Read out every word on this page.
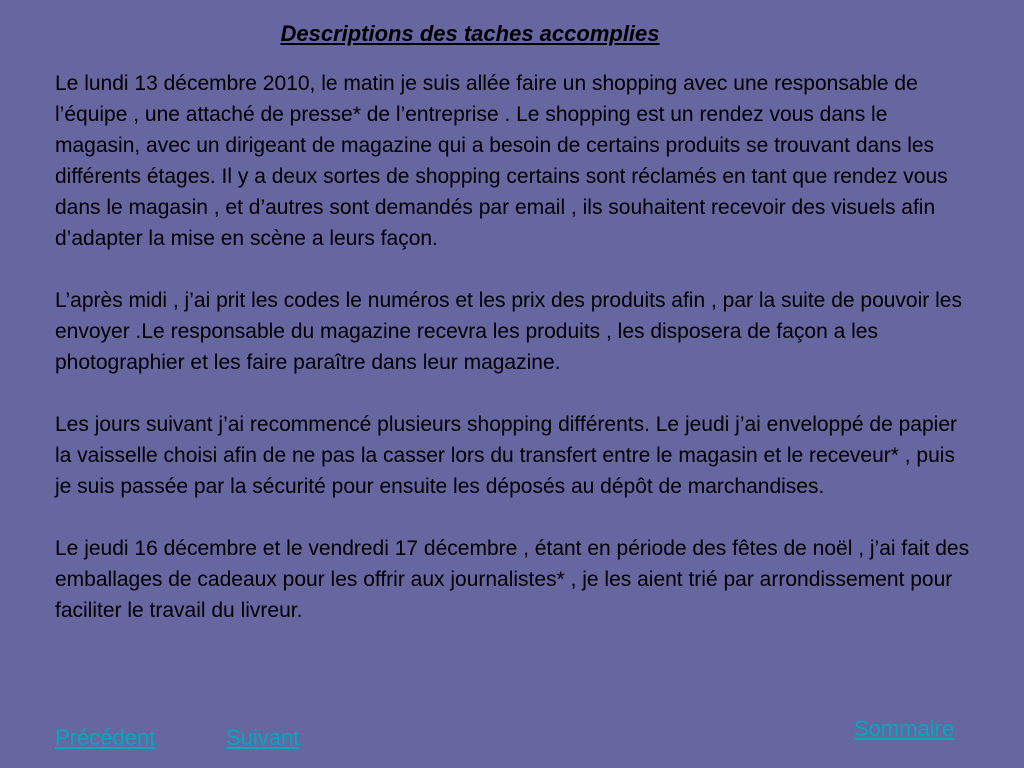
Descriptions des taches accomplies

Le lundi 13 décembre 2010, le matin je suis allée faire un shopping avec une responsable de l’équipe , une attaché de presse* de l’entreprise . Le shopping est un rendez vous dans le magasin, avec un dirigeant de magazine qui a besoin de certains produits se trouvant dans les différents étages. Il y a deux sortes de shopping certains sont réclamés en tant que rendez vous dans le magasin , et d’autres sont demandés par email , ils souhaitent recevoir des visuels afin d’adapter la mise en scène a leurs façon.

L’après midi , j’ai prit les codes le numéros et les prix des produits afin , par la suite de pouvoir les envoyer .Le responsable du magazine recevra les produits , les disposera de façon a les photographier et les faire paraître dans leur magazine.

Les jours suivant j’ai recommencé plusieurs shopping différents. Le jeudi j’ai enveloppé de papier la vaisselle choisi afin de ne pas la casser lors du transfert entre le magasin et le receveur* , puis je suis passée par la sécurité pour ensuite les déposés au dépôt de marchandises.

Le jeudi 16 décembre et le vendredi 17 décembre , étant en période des fêtes de noël , j’ai fait des emballages de cadeaux pour les offrir aux journalistes* , je les aient trié par arrondissement pour faciliter le travail du livreur.

Précédent	Suivant	Sommaire
